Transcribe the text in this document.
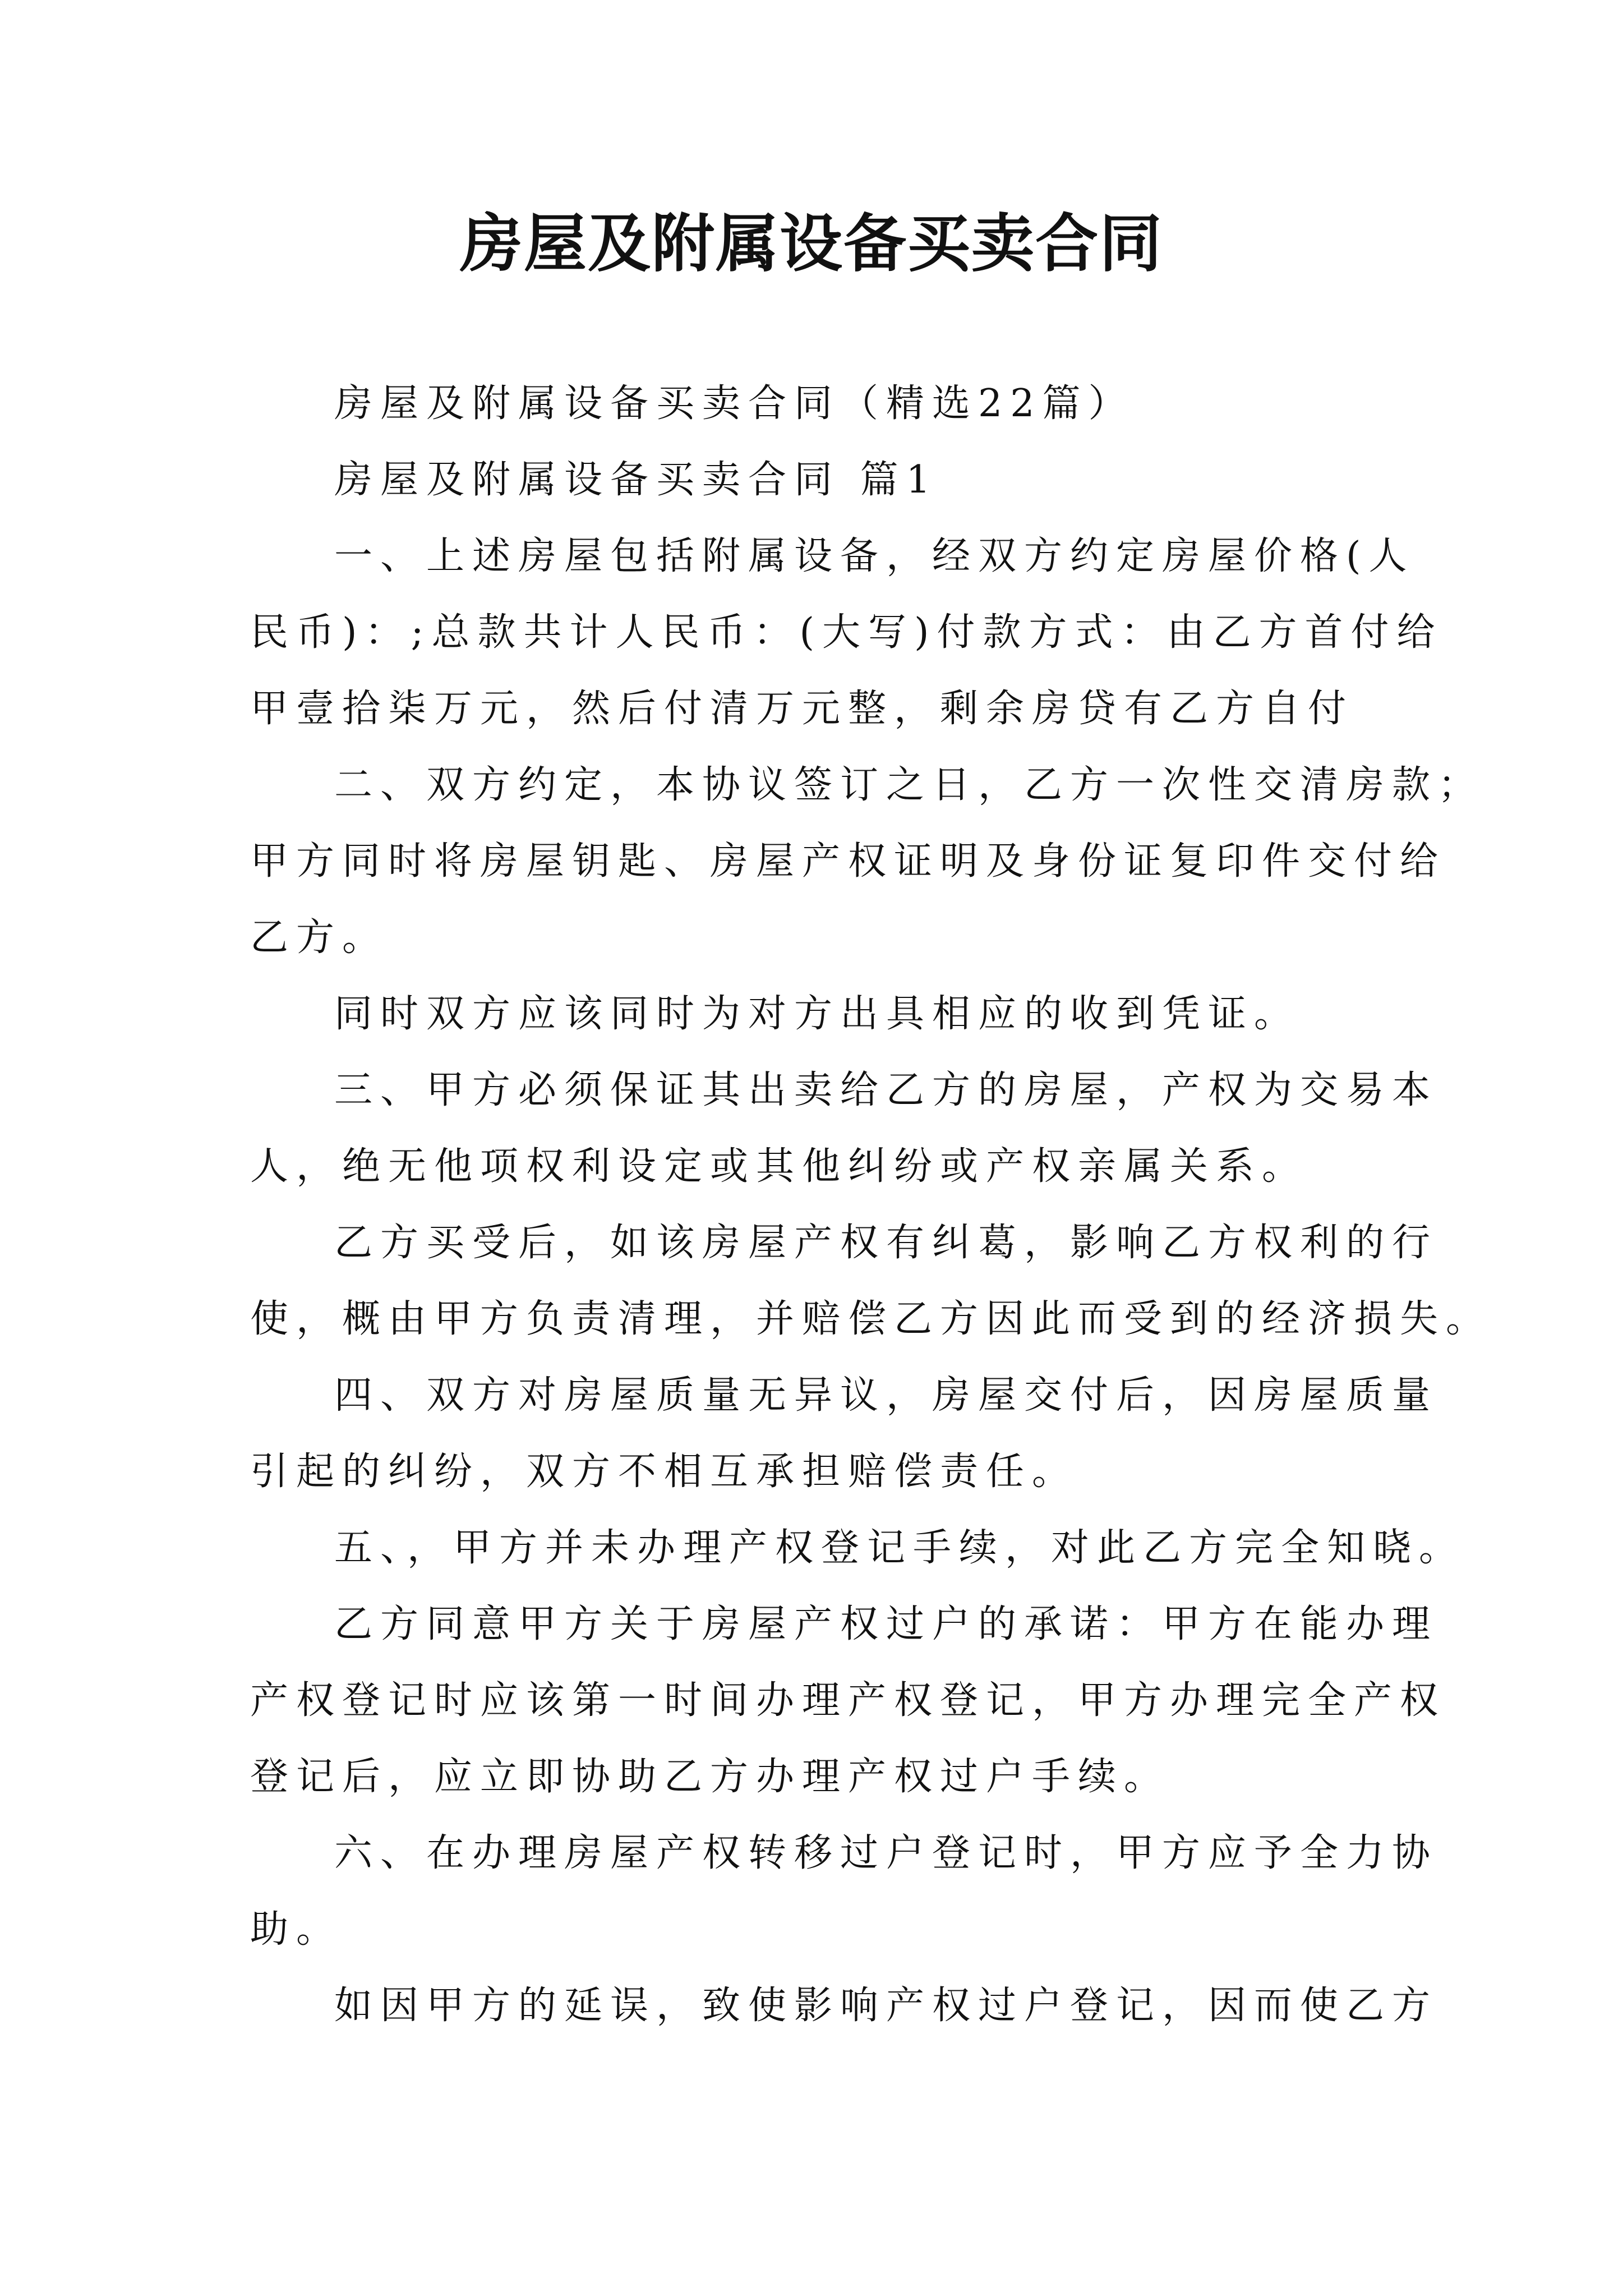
房屋及附属设备买卖合同

房屋及附属设备买卖合同（精选22篇）

房屋及附属设备买卖合同 篇1

一、上述房屋包括附属设备，经双方约定房屋价格(人

民币)：;总款共计人民币：(大写)付款方式：由乙方首付给

甲壹拾柒万元，然后付清万元整，剩余房贷有乙方自付

二、双方约定，本协议签订之日，乙方一次性交清房款；

甲方同时将房屋钥匙、房屋产权证明及身份证复印件交付给

乙方。

同时双方应该同时为对方出具相应的收到凭证。

三、甲方必须保证其出卖给乙方的房屋，产权为交易本

人，绝无他项权利设定或其他纠纷或产权亲属关系。

乙方买受后，如该房屋产权有纠葛，影响乙方权利的行

使，概由甲方负责清理，并赔偿乙方因此而受到的经济损失。

四、双方对房屋质量无异议，房屋交付后，因房屋质量

引起的纠纷，双方不相互承担赔偿责任。

五、，甲方并未办理产权登记手续，对此乙方完全知晓。

乙方同意甲方关于房屋产权过户的承诺：甲方在能办理

产权登记时应该第一时间办理产权登记，甲方办理完全产权

登记后，应立即协助乙方办理产权过户手续。

六、在办理房屋产权转移过户登记时，甲方应予全力协

助。

如因甲方的延误，致使影响产权过户登记，因而使乙方
